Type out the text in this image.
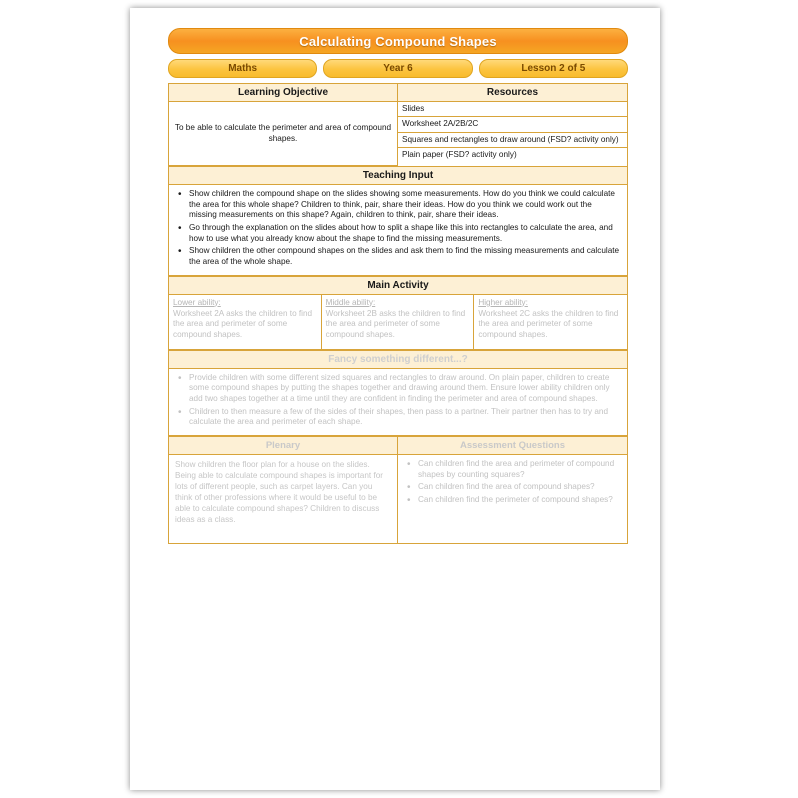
Calculating Compound Shapes
Maths	Year 6	Lesson 2 of 5
Learning Objective	Resources
To be able to calculate the perimeter and area of compound shapes.
Slides
Worksheet 2A/2B/2C
Squares and rectangles to draw around (FSD? activity only)
Plain paper (FSD? activity only)
Teaching Input
• Show children the compound shape on the slides showing some measurements. How do you think we could calculate the area for this whole shape? Children to think, pair, share their ideas. How do you think we could work out the missing measurements on this shape? Again, children to think, pair, share their ideas.
• Go through the explanation on the slides about how to split a shape like this into rectangles to calculate the area, and how to use what you already know about the shape to find the missing measurements.
• Show children the other compound shapes on the slides and ask them to find the missing measurements and calculate the area of the whole shape.
Main Activity
Lower ability:
Worksheet 2A asks the children to find the area and perimeter of some compound shapes.
Middle ability:
Worksheet 2B asks the children to find the area and perimeter of some compound shapes.
Higher ability:
Worksheet 2C asks the children to find the area and perimeter of some compound shapes.
Fancy something different...?
• Provide children with some different sized squares and rectangles to draw around. On plain paper, children to create some compound shapes by putting the shapes together and drawing around them. Ensure lower ability children only add two shapes together at a time until they are confident in finding the perimeter and area of compound shapes.
• Children to then measure a few of the sides of their shapes, then pass to a partner. Their partner then has to try and calculate the area and perimeter of each shape.
Plenary	Assessment Questions
Show children the floor plan for a house on the slides. Being able to calculate compound shapes is important for lots of different people, such as carpet layers. Can you think of other professions where it would be useful to be able to calculate compound shapes? Children to discuss ideas as a class.
• Can children find the area and perimeter of compound shapes by counting squares?
• Can children find the area of compound shapes?
• Can children find the perimeter of compound shapes?
